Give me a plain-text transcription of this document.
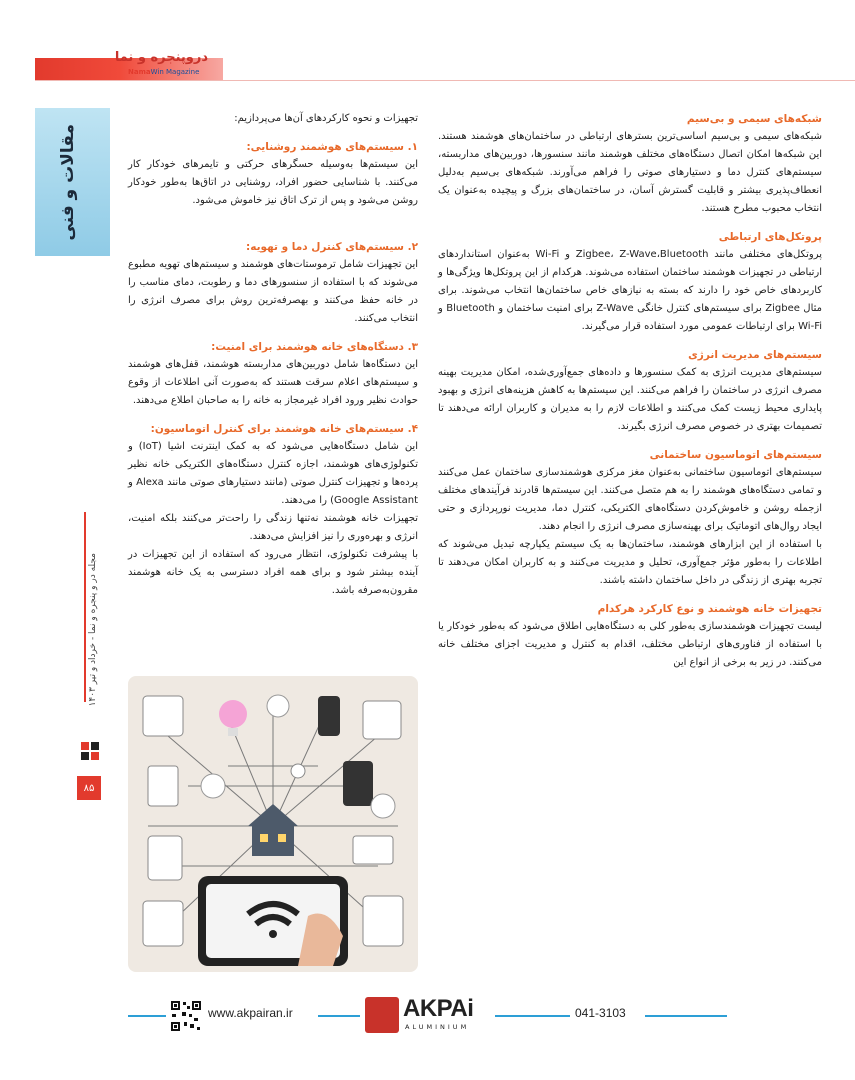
دروپنجره و نما
NamaWin Magazine
مقالات و فنی
مجله در و پنجره و نما - خرداد و تیر ۱۴۰۳
۸۵

شبکه‌های سیمی و بی‌سیم

شبکه‌های سیمی و بی‌سیم اساسی‌ترین بسترهای ارتباطی در ساختمان‌های هوشمند هستند. این شبکه‌ها امکان اتصال دستگاه‌های مختلف هوشمند مانند سنسورها، دوربین‌های مداربسته، سیستم‌های کنترل دما و دستیارهای صوتی را فراهم می‌آورند. شبکه‌های بی‌سیم به‌دلیل انعطاف‌پذیری بیشتر و قابلیت گسترش آسان، در ساختمان‌های بزرگ و پیچیده به‌عنوان یک انتخاب محبوب مطرح هستند.

پروتکل‌های ارتباطی

پروتکل‌های مختلفی مانند Zigbee، Z-Wave،Bluetooth و Wi-Fi به‌عنوان استانداردهای ارتباطی در تجهیزات هوشمند ساختمان استفاده می‌شوند. هرکدام از این پروتکل‌ها ویژگی‌ها و کاربردهای خاص خود را دارند که بسته به نیازهای خاص ساختمان‌ها انتخاب می‌شوند. برای مثال Zigbee برای سیستم‌های کنترل خانگی Z-Wave برای امنیت ساختمان و Bluetooth و Wi-Fi برای ارتباطات عمومی مورد استفاده قرار می‌گیرند.

سیستم‌های مدیریت انرژی

سیستم‌های مدیریت انرژی به کمک سنسورها و داده‌های جمع‌آوری‌شده، امکان مدیریت بهینه مصرف انرژی در ساختمان را فراهم می‌کنند. این سیستم‌ها به کاهش هزینه‌های انرژی و بهبود پایداری محیط زیست کمک می‌کنند و اطلاعات لازم را به مدیران و کاربران ارائه می‌دهند تا تصمیمات بهتری در خصوص مصرف انرژی بگیرند.

سیستم‌های اتوماسیون ساختمانی

سیستم‌های اتوماسیون ساختمانی به‌عنوان مغز مرکزی هوشمندسازی ساختمان عمل می‌کنند و تمامی دستگاه‌های هوشمند را به هم متصل می‌کنند. این سیستم‌ها قادرند فرآیندهای مختلف ازجمله روشن و خاموش‌کردن دستگاه‌های الکتریکی، کنترل دما، مدیریت نورپردازی و حتی ایجاد روال‌های اتوماتیک برای بهینه‌سازی مصرف انرژی را انجام دهند.

با استفاده از این ابزارهای هوشمند، ساختمان‌ها به یک سیستم یکپارچه تبدیل می‌شوند که اطلاعات را به‌طور مؤثر جمع‌آوری، تحلیل و مدیریت می‌کنند و به کاربران امکان می‌دهند تا تجربه بهتری از زندگی در داخل ساختمان داشته باشند.

تجهیزات خانه هوشمند و نوع کارکرد هرکدام

لیست تجهیزات هوشمندسازی به‌طور کلی به دستگاه‌هایی اطلاق می‌شود که به‌طور خودکار یا با استفاده از فناوری‌های ارتباطی مختلف، اقدام به کنترل و مدیریت اجزای مختلف خانه می‌کنند. در زیر به برخی از انواع این

تجهیزات و نحوه کارکردهای آن‌ها می‌پردازیم:

۱. سیستم‌های هوشمند روشنایی:

این سیستم‌ها به‌وسیله حسگرهای حرکتی و تایمرهای خودکار کار می‌کنند. با شناسایی حضور افراد، روشنایی در اتاق‌ها به‌طور خودکار روشن می‌شود و پس از ترک اتاق نیز خاموش می‌شود.

۲. سیستم‌های کنترل دما و تهویه:

این تجهیزات شامل ترموستات‌های هوشمند و سیستم‌های تهویه مطبوع می‌شوند که با استفاده از سنسورهای دما و رطوبت، دمای مناسب را در خانه حفظ می‌کنند و بهصرفه‌ترین روش برای مصرف انرژی را انتخاب می‌کنند.

۳. دستگاه‌های خانه هوشمند برای امنیت:

این دستگاه‌ها شامل دوربین‌های مداربسته هوشمند، قفل‌های هوشمند و سیستم‌های اعلام سرقت هستند که به‌صورت آنی اطلاعات از وقوع حوادث نظیر ورود افراد غیرمجاز به خانه را به صاحبان اطلاع می‌دهند.

۴. سیستم‌های خانه هوشمند برای کنترل اتوماسیون:

این شامل دستگاه‌هایی می‌شود که به کمک اینترنت اشیا (IoT) و تکنولوژی‌های هوشمند، اجازه کنترل دستگاه‌های الکتریکی خانه نظیر پرده‌ها و تجهیزات کنترل صوتی (مانند دستیارهای صوتی مانند Alexa و Google Assistant) را می‌دهند.

تجهیزات خانه هوشمند نه‌تنها زندگی را راحت‌تر می‌کنند بلکه امنیت، انرژی و بهره‌وری را نیز افزایش می‌دهند.

با پیشرفت تکنولوژی، انتظار می‌رود که استفاده از این تجهیزات در آینده بیشتر شود و برای همه افراد دسترسی به یک خانه هوشمند مقرون‌به‌صرفه باشد.

www.akpairan.ir	AKPAi
ALUMINIUM
041-3103
